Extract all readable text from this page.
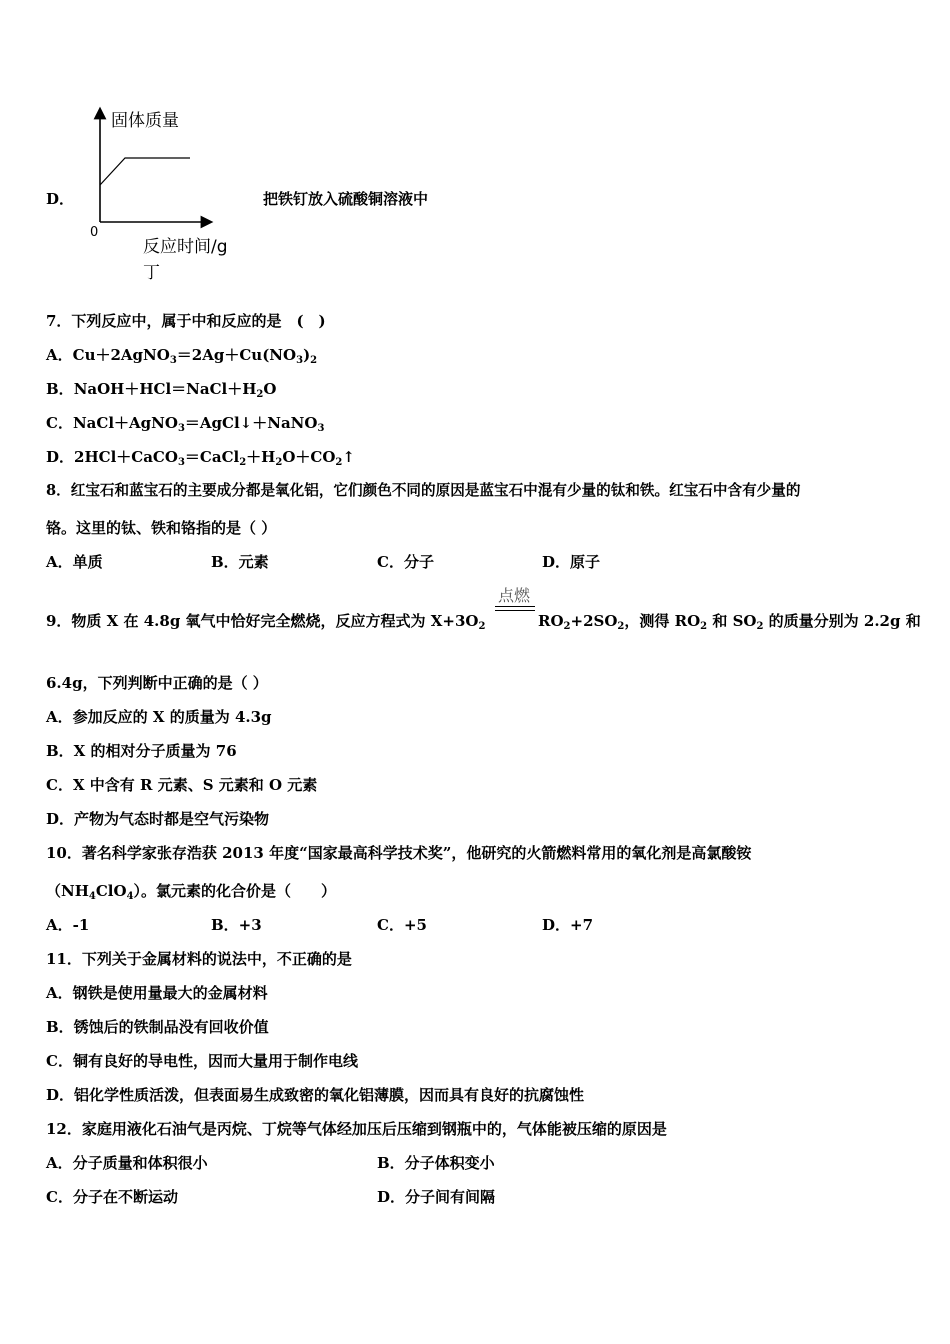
D．
固体质量
0
反应时间/g
丁
把铁钉放入硫酸铜溶液中
7．下列反应中，属于中和反应的是　(　)
A．$Cu+2AgNO_3=2Ag+Cu(NO_3)_2$
B．$NaOH+HCl=NaCl+H_2O$
C．NaCl＋AgNO$_3$＝AgCl↓＋NaNO$_3$
D．$2HCl+CaCO_3=CaCl_2+H_2O+CO_2↑$
8．红宝石和蓝宝石的主要成分都是氧化铝，它们颜色不同的原因是蓝宝石中混有少量的钛和铁。红宝石中含有少量的
铬。这里的钛、铁和铬指的是（ ）
A．单质	B．元素	C．分子	D．原子
9．物质 X 在 4.8g 氧气中恰好完全燃烧，反应方程式为 $X+3O_2$
点燃
$RO_2+2SO_2$，测得 $RO_2$ 和 $SO_2$ 的质量分别为 2.2g 和
6.4g，下列判断中正确的是（ ）
A．参加反应的 X 的质量为 4.3g
B．X 的相对分子质量为 76
C．X 中含有 R 元素、S 元素和 O 元素
D．产物为气态时都是空气污染物
10．著名科学家张存浩获 2013 年度“国家最高科学技术奖”，他研究的火箭燃料常用的氧化剂是高氯酸铵
$(NH_4ClO_4)$。氯元素的化合价是（　　）
A．-1	B．+3	C．+5	D．+7
11．下列关于金属材料的说法中，不正确的是
A．钢铁是使用量最大的金属材料
B．锈蚀后的铁制品没有回收价值
C．铜有良好的导电性，因而大量用于制作电线
D．铝化学性质活泼，但表面易生成致密的氧化铝薄膜，因而具有良好的抗腐蚀性
12．家庭用液化石油气是丙烷、丁烷等气体经加压后压缩到钢瓶中的，气体能被压缩的原因是
A．分子质量和体积很小	B．分子体积变小
C．分子在不断运动	D．分子间有间隔
